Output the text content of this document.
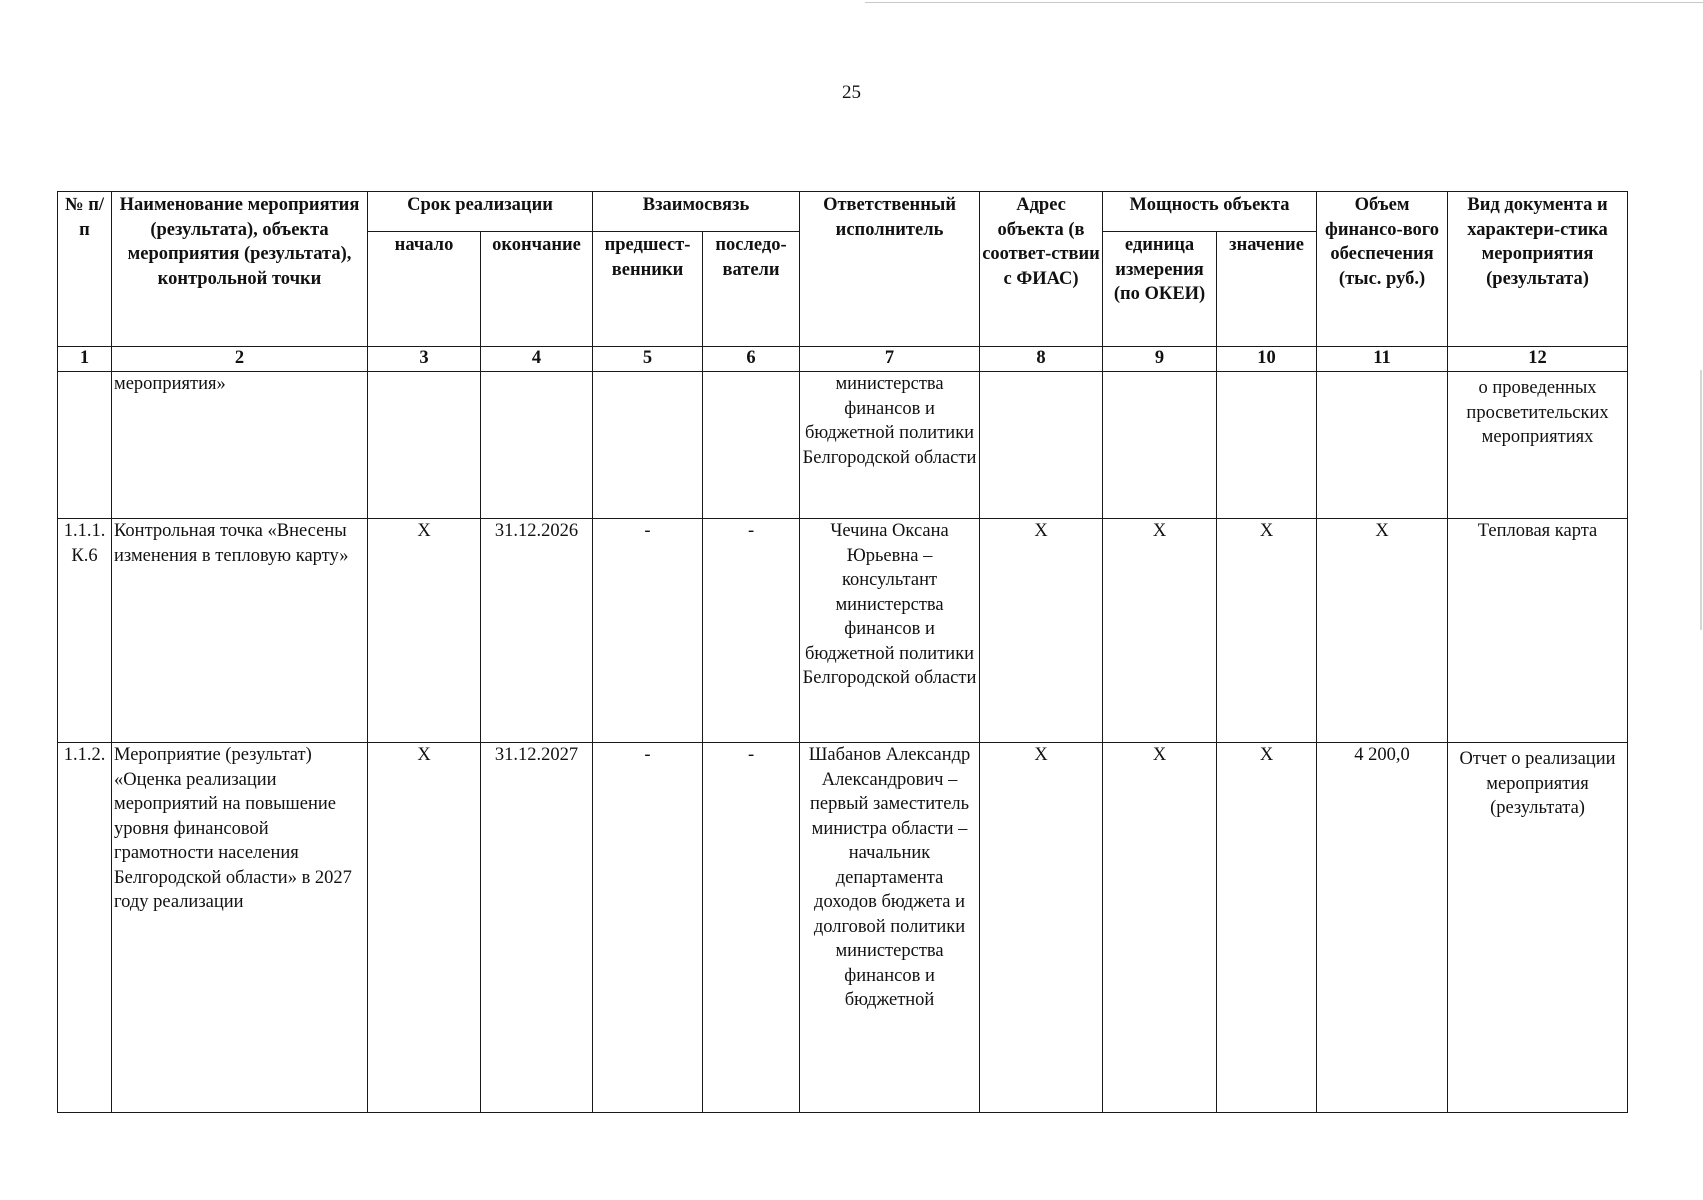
25
№ п/п	Наименование мероприятия (результата), объекта мероприятия (результата), контрольной точки	Срок реализации		Взаимосвязь		Ответственный исполнитель	Адрес объекта (в соответ-ствии с ФИАС)	Мощность объекта		Объем финансо-вого обеспечения (тыс. руб.)	Вид документа и характери-стика мероприятия (результата)
		начало	окончание	предшест-венники	последо-ватели			единица измерения (по ОКЕИ)	значение		
1	2	3	4	5	6	7	8	9	10	11	12
	мероприятия»					министерства финансов и бюджетной политики Белгородской области					о проведенных просветительских мероприятиях
1.1.1. К.6	Контрольная точка «Внесены изменения в тепловую карту»	X	31.12.2026	-	-	Чечина Оксана Юрьевна – консультант министерства финансов и бюджетной политики Белгородской области	X	X	X	X	Тепловая карта
1.1.2.	Мероприятие (результат) «Оценка реализации мероприятий на повышение уровня финансовой грамотности населения Белгородской области» в 2027 году реализации	X	31.12.2027	-	-	Шабанов Александр Александрович – первый заместитель министра области – начальник департамента доходов бюджета и долговой политики министерства финансов и бюджетной	X	X	X	4 200,0	Отчет о реализации мероприятия (результата)
